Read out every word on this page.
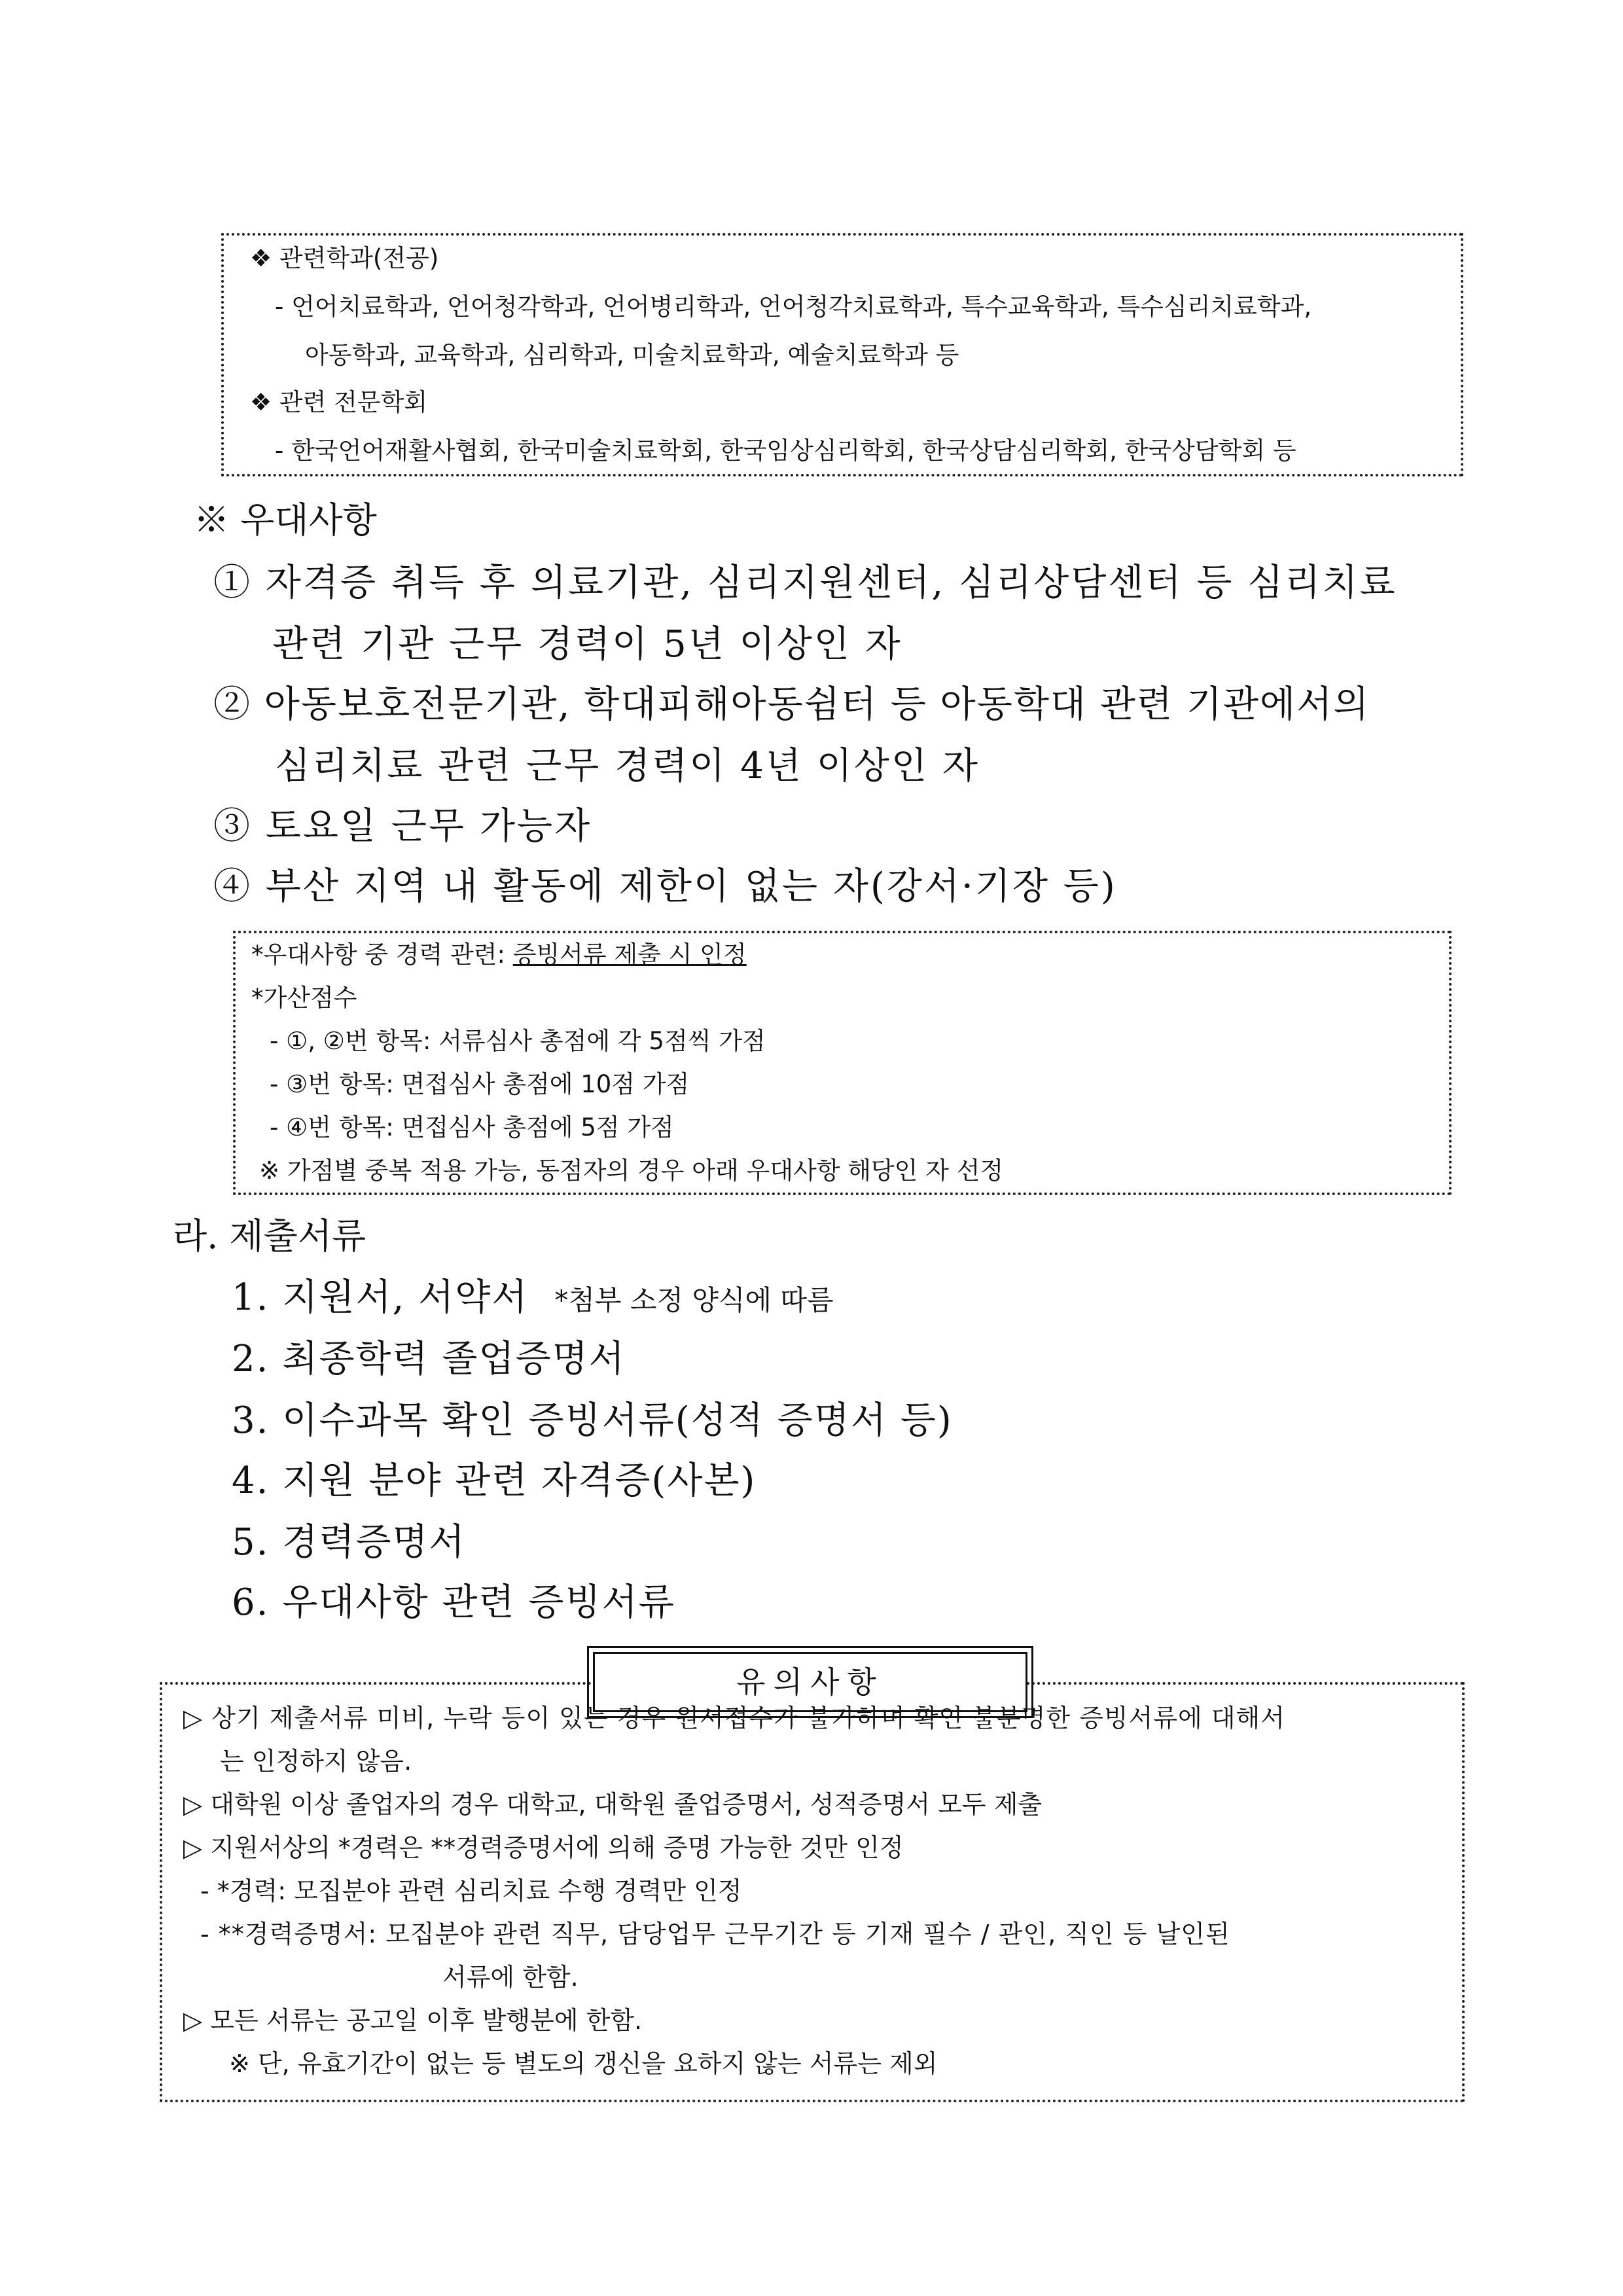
❖ 관련학과(전공)
- 언어치료학과, 언어청각학과, 언어병리학과, 언어청각치료학과, 특수교육학과, 특수심리치료학과,
아동학과, 교육학과, 심리학과, 미술치료학과, 예술치료학과 등
❖ 관련 전문학회
- 한국언어재활사협회, 한국미술치료학회, 한국임상심리학회, 한국상담심리학회, 한국상담학회 등
※ 우대사항
① 자격증 취득 후 의료기관, 심리지원센터, 심리상담센터 등 심리치료
관련 기관 근무 경력이 5년 이상인 자
② 아동보호전문기관, 학대피해아동쉼터 등 아동학대 관련 기관에서의
심리치료 관련 근무 경력이 4년 이상인 자
③ 토요일 근무 가능자
④ 부산 지역 내 활동에 제한이 없는 자(강서·기장 등)
*우대사항 중 경력 관련: 증빙서류 제출 시 인정
*가산점수
- ①, ②번 항목: 서류심사 총점에 각 5점씩 가점
- ③번 항목: 면접심사 총점에 10점 가점
- ④번 항목: 면접심사 총점에 5점 가점
※ 가점별 중복 적용 가능, 동점자의 경우 아래 우대사항 해당인 자 선정
라. 제출서류
1. 지원서, 서약서 *첨부 소정 양식에 따름
2. 최종학력 졸업증명서
3. 이수과목 확인 증빙서류(성적 증명서 등)
4. 지원 분야 관련 자격증(사본)
5. 경력증명서
6. 우대사항 관련 증빙서류
유의사항
▷ 상기 제출서류 미비, 누락 등이 있는 경우 원서접수가 불가하며 확인 불분명한 증빙서류에 대해서
는 인정하지 않음.
▷ 대학원 이상 졸업자의 경우 대학교, 대학원 졸업증명서, 성적증명서 모두 제출
▷ 지원서상의 *경력은 **경력증명서에 의해 증명 가능한 것만 인정
- *경력: 모집분야 관련 심리치료 수행 경력만 인정
- **경력증명서: 모집분야 관련 직무, 담당업무 근무기간 등 기재 필수 / 관인, 직인 등 날인된
서류에 한함.
▷ 모든 서류는 공고일 이후 발행분에 한함.
※ 단, 유효기간이 없는 등 별도의 갱신을 요하지 않는 서류는 제외
